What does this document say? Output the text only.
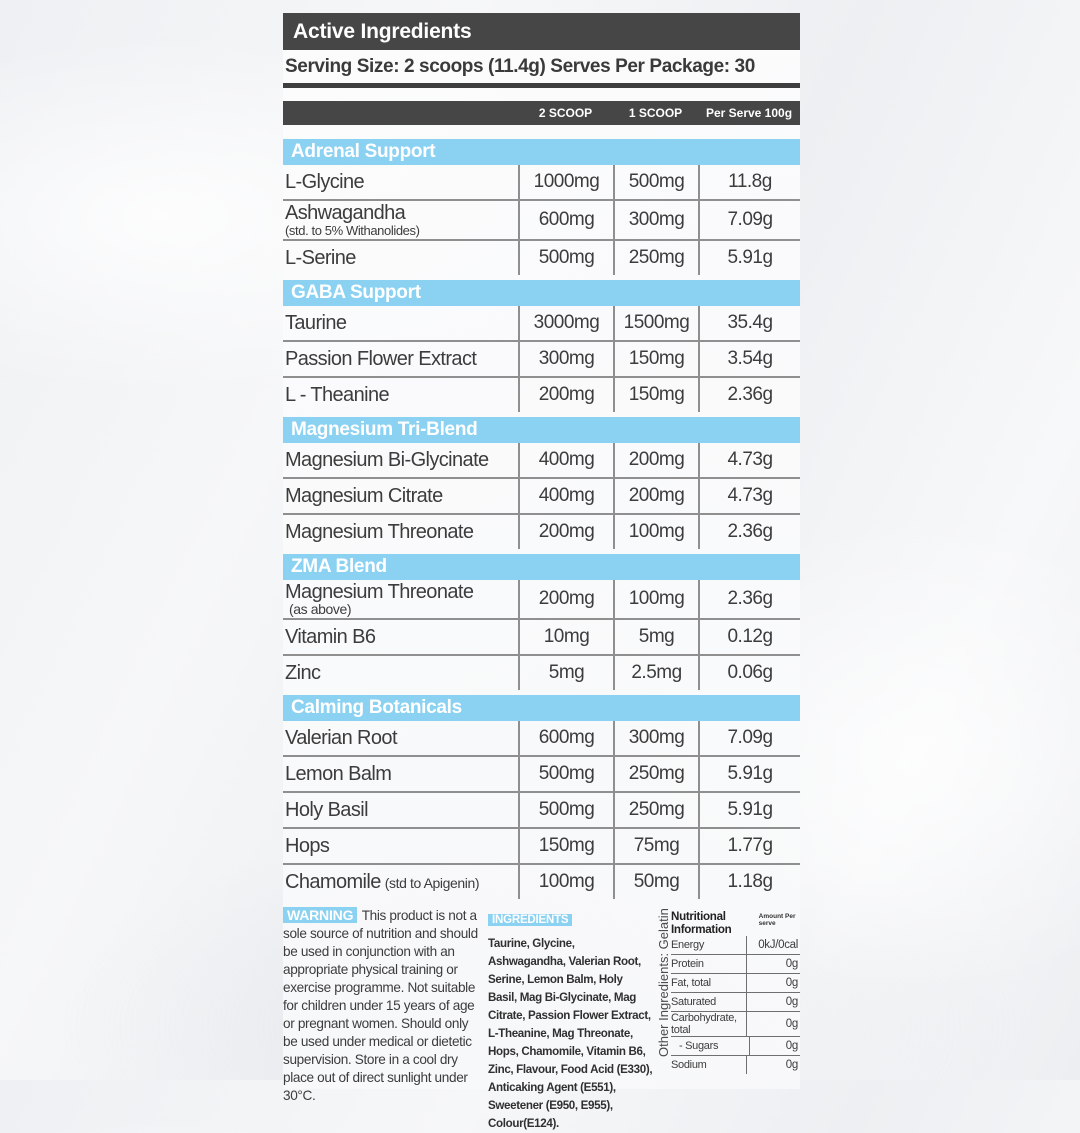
Active Ingredients
Serving Size: 2 scoops (11.4g) Serves Per Package: 30
2 SCOOP	1 SCOOP	Per Serve 100g
Adrenal Support
L-Glycine	1000mg	500mg	11.8g
Ashwagandha
(std. to 5% Withanolides)
600mg	300mg	7.09g
L-Serine	500mg	250mg	5.91g
GABA Support
Taurine	3000mg	1500mg	35.4g
Passion Flower Extract	300mg	150mg	3.54g
L - Theanine	200mg	150mg	2.36g
Magnesium Tri-Blend
Magnesium Bi-Glycinate	400mg	200mg	4.73g
Magnesium Citrate	400mg	200mg	4.73g
Magnesium Threonate	200mg	100mg	2.36g
ZMA Blend
Magnesium Threonate
(as above)	200mg	100mg	2.36g
Vitamin B6	10mg	5mg	0.12g
Zinc	5mg	2.5mg	0.06g
Calming Botanicals
Valerian Root	600mg	300mg	7.09g
Lemon Balm	500mg	250mg	5.91g
Holy Basil	500mg	250mg	5.91g
Hops	150mg	75mg	1.77g
Chamomile (std to Apigenin)	100mg	50mg	1.18g
WARNING This product is not a sole source of nutrition and should be used in conjunction with an appropriate physical training or exercise programme. Not suitable for children under 15 years of age or pregnant women. Should only be used under medical or dietetic supervision. Store in a cool dry place out of direct sunlight under 30°C.
INGREDIENTS
Taurine, Glycine, Ashwagandha, Valerian Root, Serine, Lemon Balm, Holy Basil, Mag Bi-Glycinate, Mag Citrate, Passion Flower Extract, L-Theanine, Mag Threonate, Hops, Chamomile, Vitamin B6, Zinc, Flavour, Food Acid (E330), Anticaking Agent (E551), Sweetener (E950, E955), Colour(E124).
Other Ingredients: Gelatin Nutritional Information
Amount Per serve
Energy	0kJ/0cal
Protein	0g
Fat, total	0g
Saturated	0g
Carbohydrate, total	0g
- Sugars	0g
Sodium	0g
